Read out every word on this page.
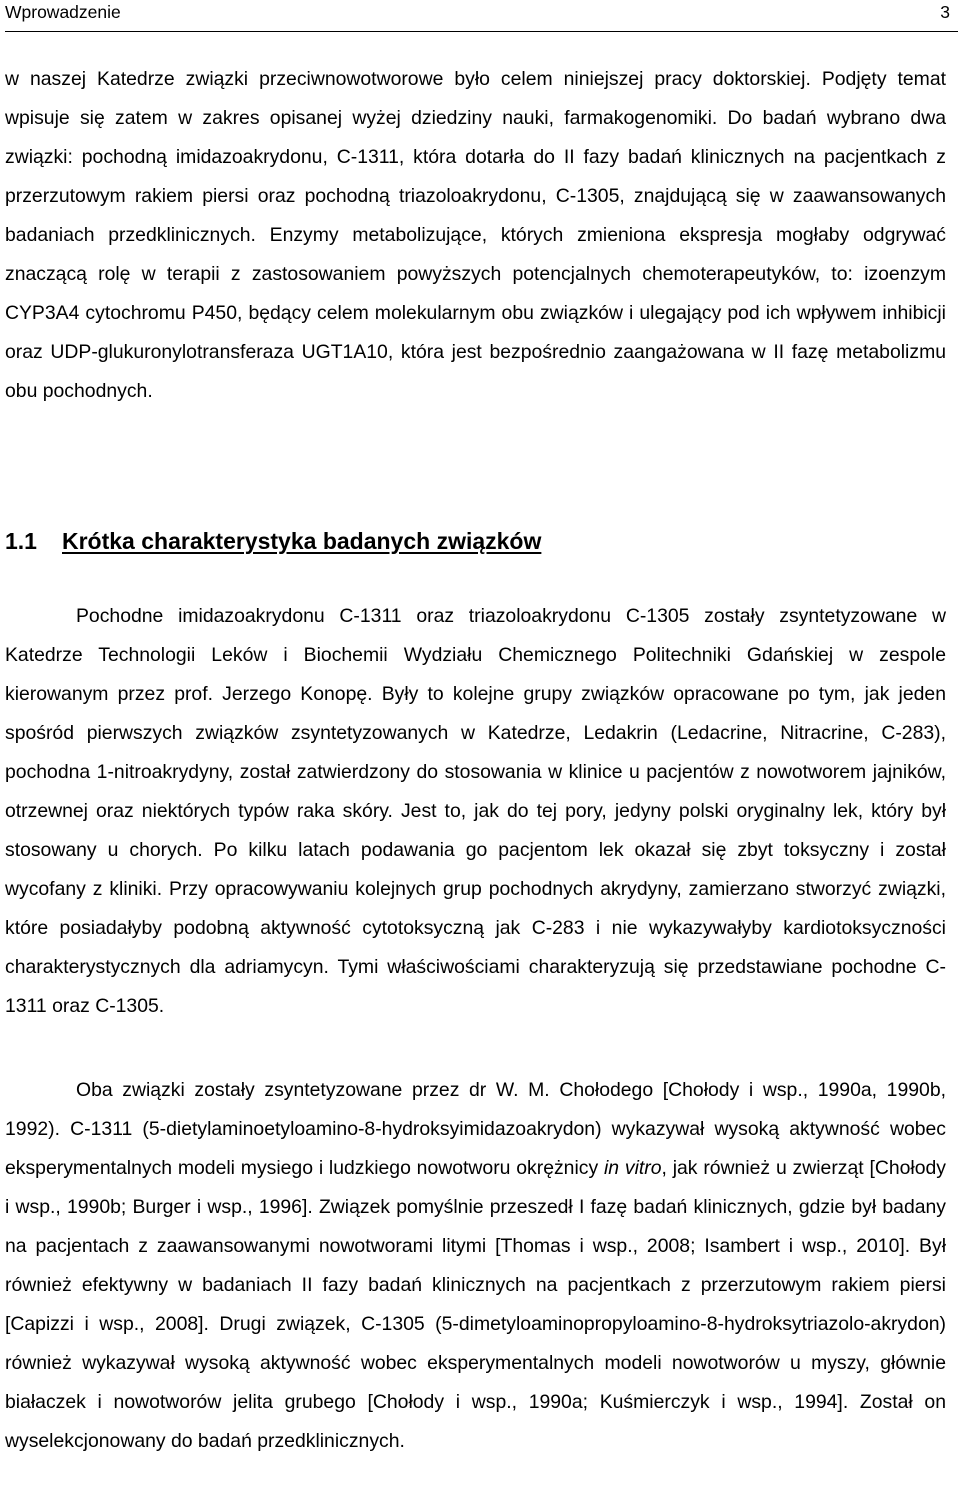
Wprowadzenie	3

w naszej Katedrze związki przeciwnowotworowe było celem niniejszej pracy doktorskiej. Podjęty temat wpisuje się zatem w zakres opisanej wyżej dziedziny nauki, farmakogenomiki. Do badań wybrano dwa związki: pochodną imidazoakrydonu, C-1311, która dotarła do II fazy badań klinicznych na pacjentkach z przerzutowym rakiem piersi oraz pochodną triazoloakrydonu, C-1305, znajdującą się w zaawansowanych badaniach przedklinicznych. Enzymy metabolizujące, których zmieniona ekspresja mogłaby odgrywać znaczącą rolę w terapii z zastosowaniem powyższych potencjalnych chemoterapeutyków, to: izoenzym CYP3A4 cytochromu P450, będący celem molekularnym obu związków i ulegający pod ich wpływem inhibicji oraz UDP-glukuronylotransferaza UGT1A10, która jest bezpośrednio zaangażowana w II fazę metabolizmu obu pochodnych.

1.1 Krótka charakterystyka badanych związków

Pochodne imidazoakrydonu C-1311 oraz triazoloakrydonu C-1305 zostały zsyntetyzowane w Katedrze Technologii Leków i Biochemii Wydziału Chemicznego Politechniki Gdańskiej w zespole kierowanym przez prof. Jerzego Konopę. Były to kolejne grupy związków opracowane po tym, jak jeden spośród pierwszych związków zsyntetyzowanych w Katedrze, Ledakrin (Ledacrine, Nitracrine, C-283), pochodna 1-nitroakrydyny, został zatwierdzony do stosowania w klinice u pacjentów z nowotworem jajników, otrzewnej oraz niektórych typów raka skóry. Jest to, jak do tej pory, jedyny polski oryginalny lek, który był stosowany u chorych. Po kilku latach podawania go pacjentom lek okazał się zbyt toksyczny i został wycofany z kliniki. Przy opracowywaniu kolejnych grup pochodnych akrydyny, zamierzano stworzyć związki, które posiadałyby podobną aktywność cytotoksyczną jak C-283 i nie wykazywałyby kardiotoksyczności charakterystycznych dla adriamycyn. Tymi właściwościami charakteryzują się przedstawiane pochodne C-1311 oraz C-1305.

Oba związki zostały zsyntetyzowane przez dr W. M. Chołodego [Chołody i wsp., 1990a, 1990b, 1992). C-1311 (5-dietylaminoetyloamino-8-hydroksyimidazoakrydon) wykazywał wysoką aktywność wobec eksperymentalnych modeli mysiego i ludzkiego nowotworu okrężnicy in vitro, jak również u zwierząt [Chołody i wsp., 1990b; Burger i wsp., 1996]. Związek pomyślnie przeszedł I fazę badań klinicznych, gdzie był badany na pacjentach z zaawansowanymi nowotworami litymi [Thomas i wsp., 2008; Isambert i wsp., 2010]. Był również efektywny w badaniach II fazy badań klinicznych na pacjentkach z przerzutowym rakiem piersi [Capizzi i wsp., 2008]. Drugi związek, C-1305 (5-dimetyloaminopropyloamino-8-hydroksytriazolo-akrydon) również wykazywał wysoką aktywność wobec eksperymentalnych modeli nowotworów u myszy, głównie białaczek i nowotworów jelita grubego [Chołody i wsp., 1990a; Kuśmierczyk i wsp., 1994]. Został on wyselekcjonowany do badań przedklinicznych.
